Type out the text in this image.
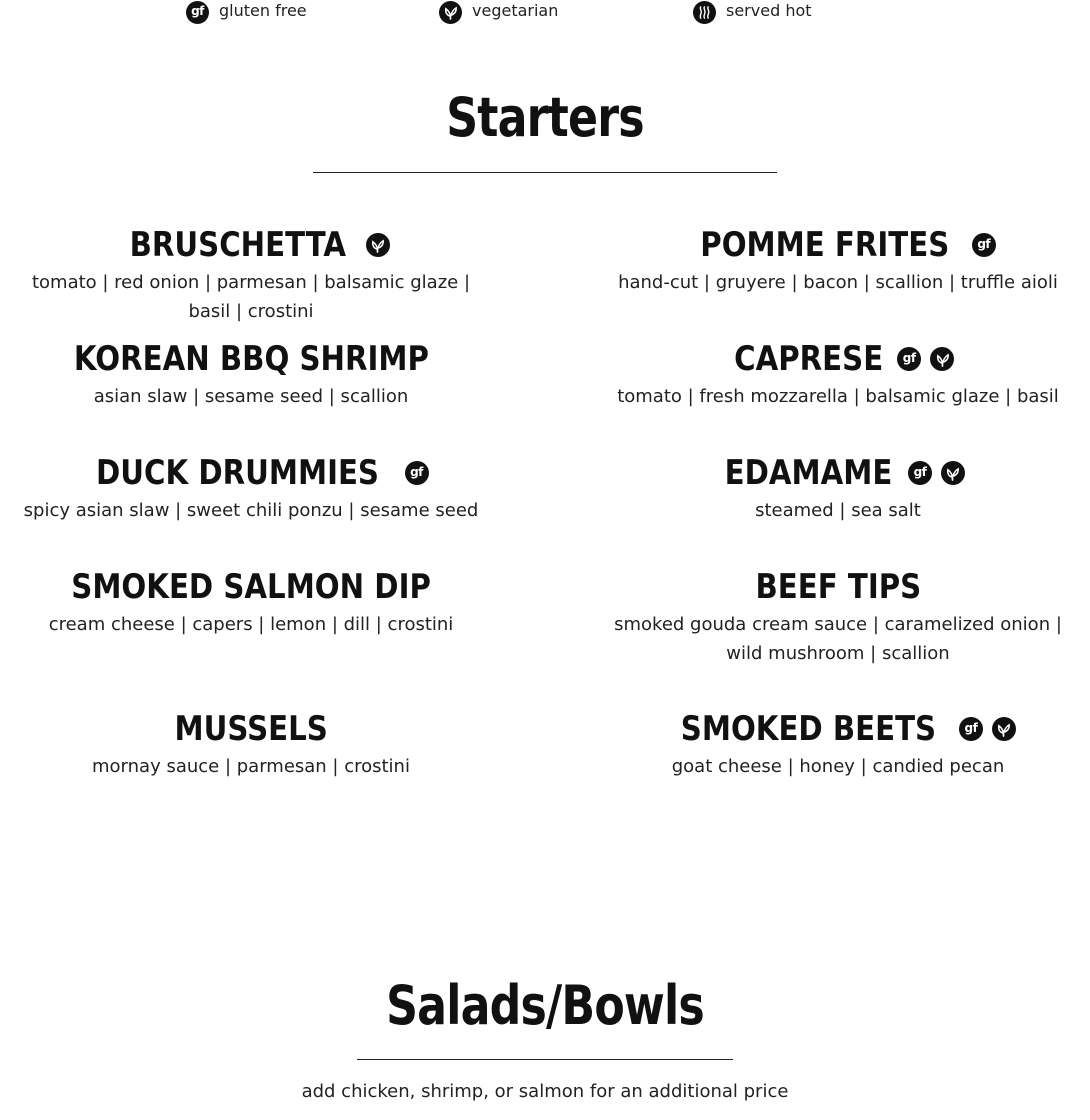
gf gluten free	vegetarian	served hot
Starters
BRUSCHETTA
tomato | red onion | parmesan | balsamic glaze | basil | crostini
KOREAN BBQ SHRIMP
asian slaw | sesame seed | scallion
DUCK DRUMMIES	gf
spicy asian slaw | sweet chili ponzu | sesame seed
SMOKED SALMON DIP
cream cheese | capers | lemon | dill | crostini
MUSSELS
mornay sauce | parmesan | crostini
POMME FRITES gf
hand-cut | gruyere | bacon | scallion | truffle aioli
CAPRESE gf
tomato | fresh mozzarella | balsamic glaze | basil
EDAMAME gf
steamed | sea salt
BEEF TIPS
smoked gouda cream sauce | caramelized onion | wild mushroom | scallion
SMOKED BEETS gf
goat cheese | honey | candied pecan
Salads/Bowls
add chicken, shrimp, or salmon for an additional price
